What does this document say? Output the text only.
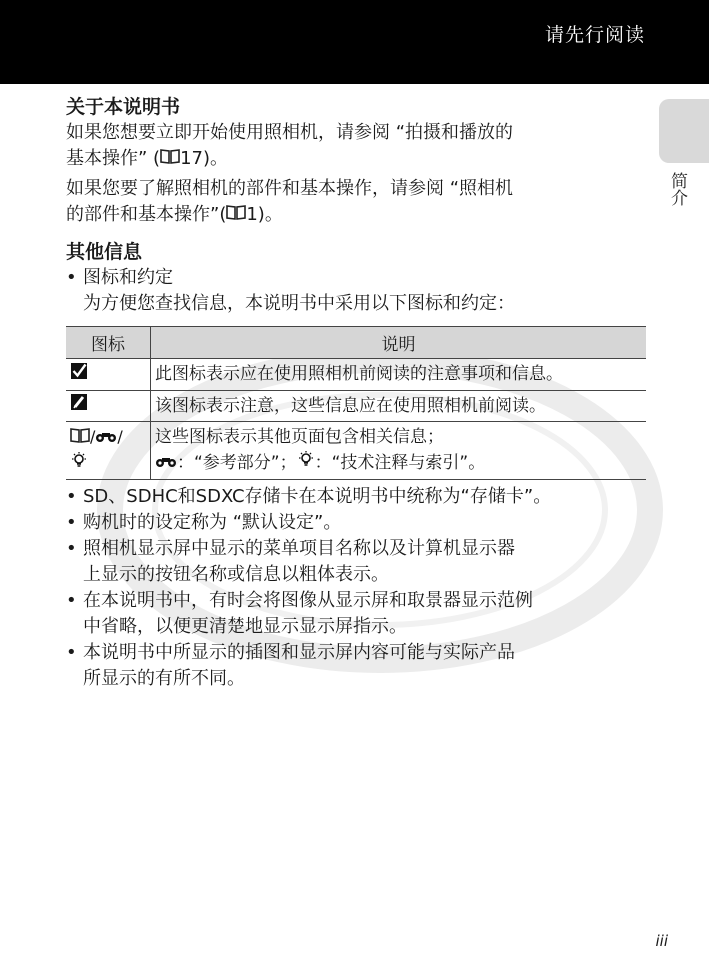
请先行阅读
简介
关于本说明书

如果您想要立即开始使用照相机，请参阅 “拍摄和播放的
基本操作” ( 17)。

如果您要了解照相机的部件和基本操作，请参阅 “照相机
的部件和基本操作”( 1)。

其他信息
• 图标和约定
为方便您查找信息，本说明书中采用以下图标和约定：
图标	说明
	此图标表示应在使用照相机前阅读的注意事项和信息。
	该图标表示注意，这些信息应在使用照相机前阅读。
/ /	这些图标表示其他页面包含相关信息；
：“参考部分”； ：“技术注释与索引”。
• SD、SDHC和SDXC存储卡在本说明书中统称为“存储卡”。
• 购机时的设定称为 “默认设定”。
• 照相机显示屏中显示的菜单项目名称以及计算机显示器
上显示的按钮名称或信息以粗体表示。
• 在本说明书中，有时会将图像从显示屏和取景器显示范例
中省略，以便更清楚地显示显示屏指示。
• 本说明书中所显示的插图和显示屏内容可能与实际产品
所显示的有所不同。
iii
